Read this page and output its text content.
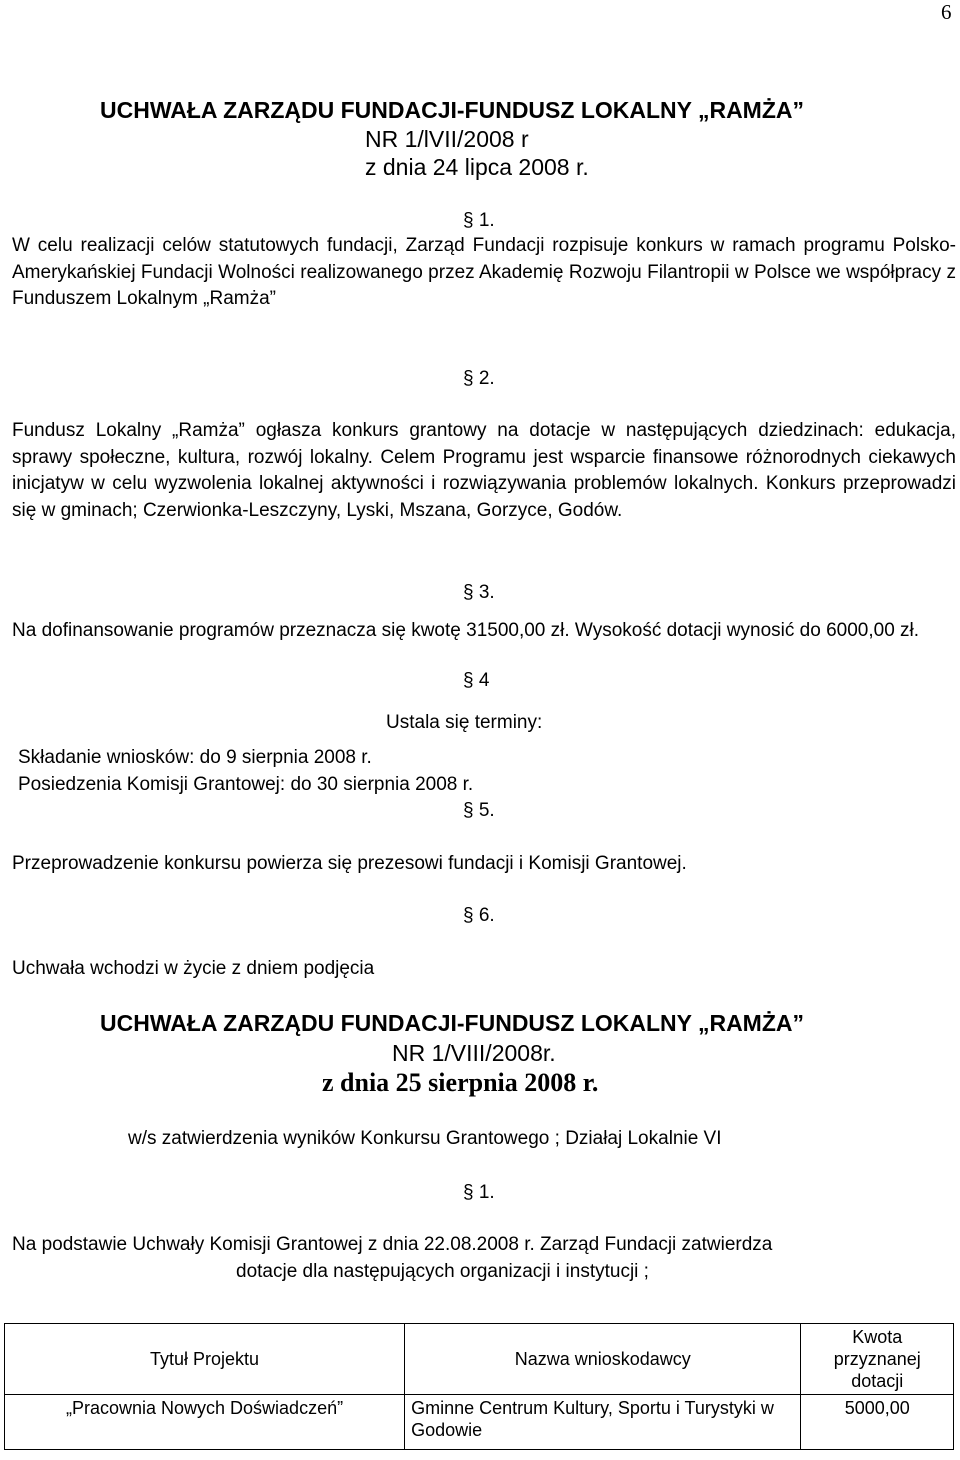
6
UCHWAŁA ZARZĄDU FUNDACJI-FUNDUSZ LOKALNY „RAMŻA”
NR 1/lVII/2008 r
z dnia 24 lipca 2008 r.
§ 1.
W celu realizacji celów statutowych fundacji, Zarząd Fundacji rozpisuje konkurs w ramach programu Polsko-Amerykańskiej Fundacji Wolności realizowanego przez Akademię Rozwoju Filantropii w Polsce we współpracy z Funduszem Lokalnym „Ramża”
§ 2.
Fundusz Lokalny „Ramża” ogłasza konkurs grantowy na dotacje w następujących dziedzinach: edukacja, sprawy społeczne, kultura, rozwój lokalny. Celem Programu jest wsparcie finansowe różnorodnych ciekawych inicjatyw w celu wyzwolenia lokalnej aktywności i rozwiązywania problemów lokalnych. Konkurs przeprowadzi się w gminach; Czerwionka-Leszczyny, Lyski, Mszana, Gorzyce, Godów.
§ 3.
Na dofinansowanie programów przeznacza się kwotę 31500,00 zł. Wysokość dotacji wynosić do 6000,00 zł.
§ 4
Ustala się terminy:
Składanie wniosków: do 9 sierpnia 2008 r.
Posiedzenia Komisji Grantowej: do 30 sierpnia 2008 r.
§ 5.
Przeprowadzenie konkursu powierza się prezesowi fundacji i Komisji Grantowej.
§ 6.
Uchwała wchodzi w życie z dniem podjęcia
UCHWAŁA ZARZĄDU FUNDACJI-FUNDUSZ LOKALNY „RAMŻA”
NR 1/VIII/2008r.
z dnia 25 sierpnia 2008 r.
w/s zatwierdzenia wyników Konkursu Grantowego ; Działaj Lokalnie VI
§ 1.
Na podstawie Uchwały Komisji Grantowej z dnia 22.08.2008 r. Zarząd Fundacji zatwierdza
dotacje dla następujących organizacji i instytucji ;
Tytuł Projektu	Nazwa wnioskodawcy	Kwota przyznanej dotacji
„Pracownia Nowych Doświadczeń”	Gminne Centrum Kultury, Sportu i Turystyki w Godowie	5000,00
